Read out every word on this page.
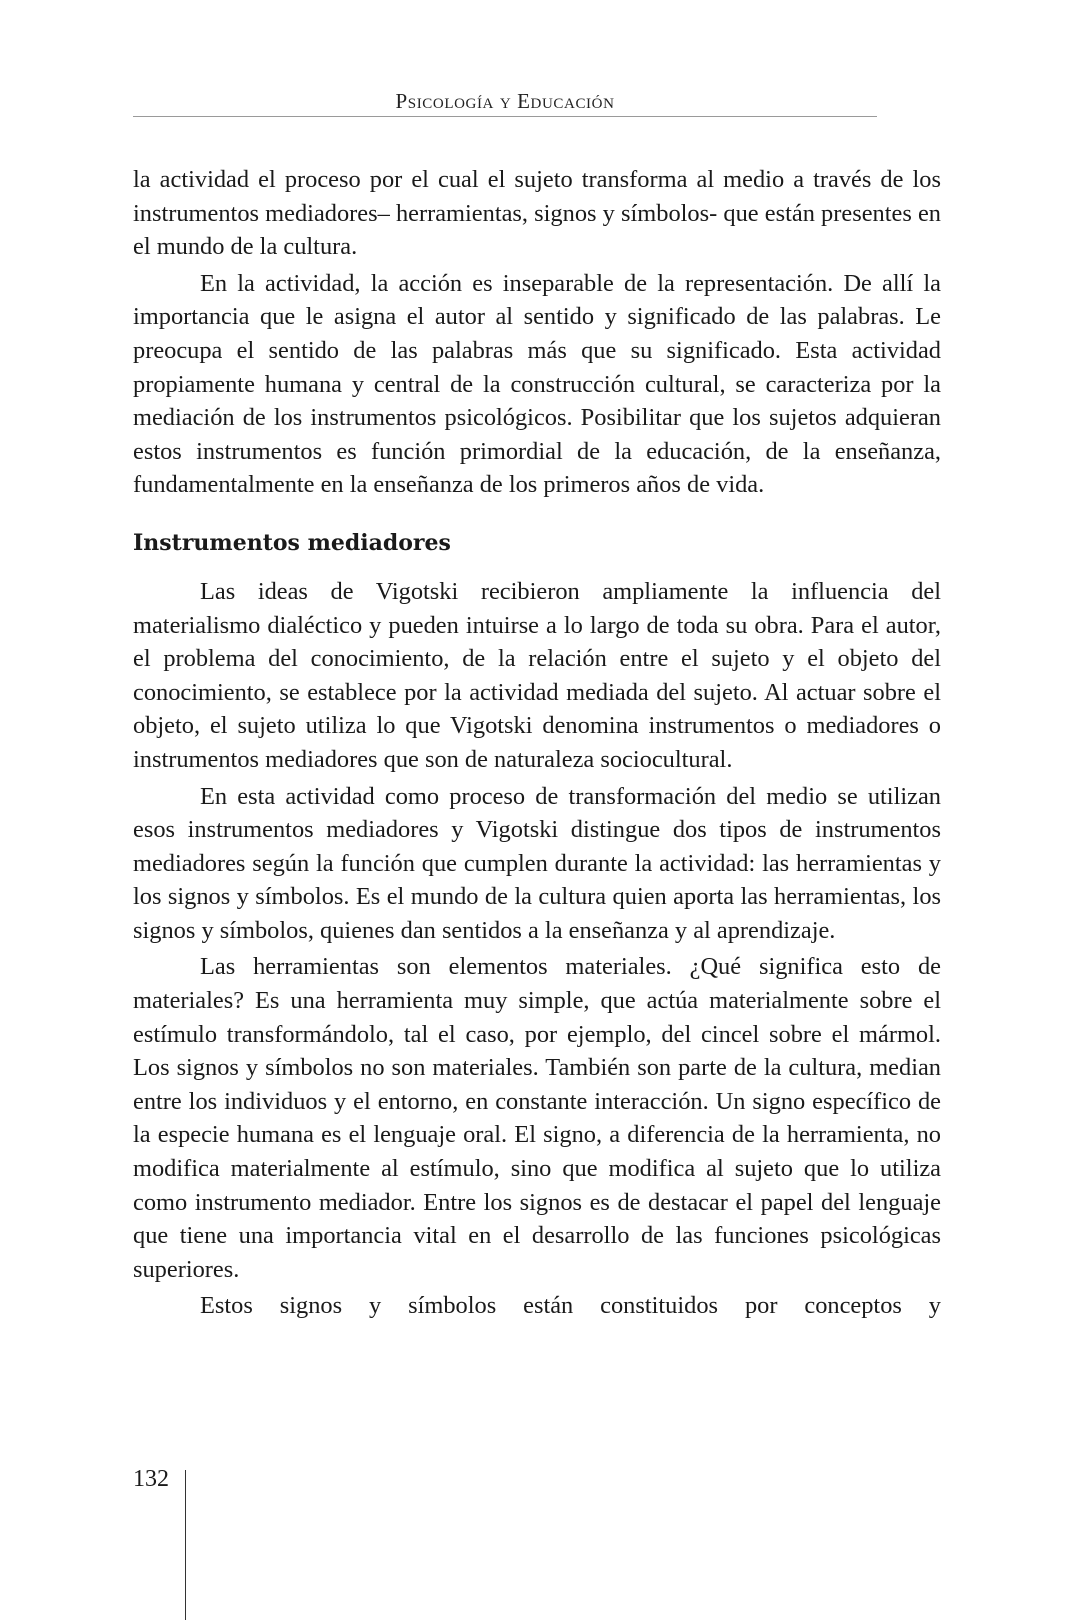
Psicología y Educación

la actividad el proceso por el cual el sujeto transforma al medio a través de los instrumentos mediadores– herramientas, signos y símbolos- que están presentes en el mundo de la cultura.

En la actividad, la acción es inseparable de la representación. De allí la importancia que le asigna el autor al sentido y significado de las palabras. Le preocupa el sentido de las palabras más que su significado. Esta actividad propiamente humana y central de la construcción cultural, se caracteriza por la mediación de los instrumentos psicológicos. Posibilitar que los sujetos adquieran estos instrumentos es función primordial de la educación, de la enseñanza, fundamentalmente en la enseñanza de los primeros años de vida.

Instrumentos mediadores

Las ideas de Vigotski recibieron ampliamente la influencia del materialismo dialéctico y pueden intuirse a lo largo de toda su obra. Para el autor, el problema del conocimiento, de la relación entre el sujeto y el objeto del conocimiento, se establece por la actividad mediada del sujeto. Al actuar sobre el objeto, el sujeto utiliza lo que Vigotski denomina instrumentos o mediadores o instrumentos mediadores que son de naturaleza sociocultural.

En esta actividad como proceso de transformación del medio se utilizan esos instrumentos mediadores y Vigotski distingue dos tipos de instrumentos mediadores según la función que cumplen durante la actividad: las herramientas y los signos y símbolos. Es el mundo de la cultura quien aporta las herramientas, los signos y símbolos, quienes dan sentidos a la enseñanza y al aprendizaje.

Las herramientas son elementos materiales. ¿Qué significa esto de materiales? Es una herramienta muy simple, que actúa materialmente sobre el estímulo transformándolo, tal el caso, por ejemplo, del cincel sobre el mármol. Los signos y símbolos no son materiales. También son parte de la cultura, median entre los individuos y el entorno, en constante interacción. Un signo específico de la especie humana es el lenguaje oral. El signo, a diferencia de la herramienta, no modifica materialmente al estímulo, sino que modifica al sujeto que lo utiliza como instrumento mediador. Entre los signos es de destacar el papel del lenguaje que tiene una importancia vital en el desarrollo de las funciones psicológicas superiores.

Estos signos y símbolos están constituidos por conceptos y

132
